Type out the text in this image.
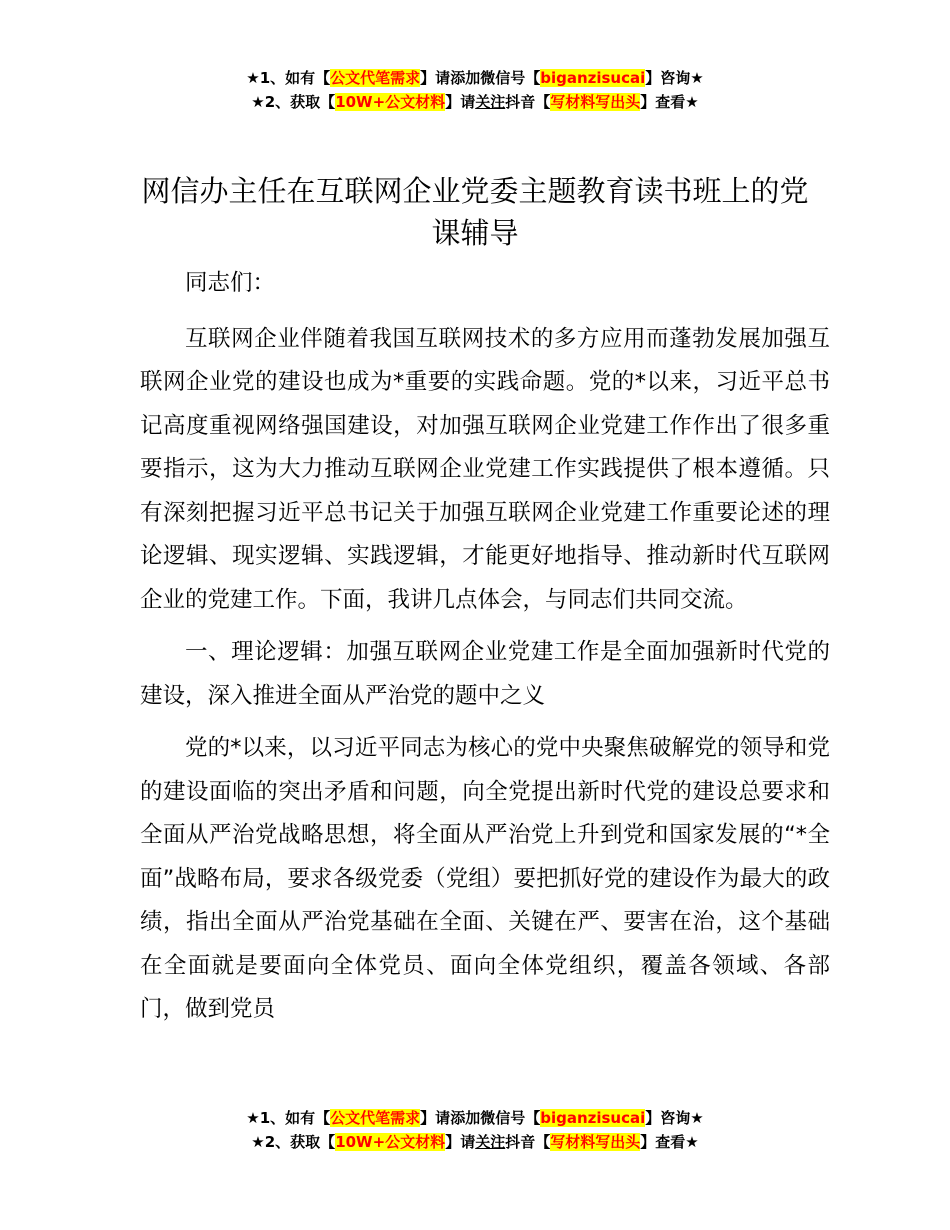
★1、如有【公文代笔需求】请添加微信号【biganzisucai】咨询★
★2、获取【10W+公文材料】请关注抖音【写材料写出头】查看★
网信办主任在互联网企业党委主题教育读书班上的党课辅导

同志们：

互联网企业伴随着我国互联网技术的多方应用而蓬勃发展加强互联网企业党的建设也成为*重要的实践命题。党的*以来，习近平总书记高度重视网络强国建设，对加强互联网企业党建工作作出了很多重要指示，这为大力推动互联网企业党建工作实践提供了根本遵循。只有深刻把握习近平总书记关于加强互联网企业党建工作重要论述的理论逻辑、现实逻辑、实践逻辑，才能更好地指导、推动新时代互联网企业的党建工作。下面，我讲几点体会，与同志们共同交流。

一、理论逻辑：加强互联网企业党建工作是全面加强新时代党的建设，深入推进全面从严治党的题中之义

党的*以来，以习近平同志为核心的党中央聚焦破解党的领导和党的建设面临的突出矛盾和问题，向全党提出新时代党的建设总要求和全面从严治党战略思想，将全面从严治党上升到党和国家发展的“*全面”战略布局，要求各级党委（党组）要把抓好党的建设作为最大的政绩，指出全面从严治党基础在全面、关键在严、要害在治，这个基础在全面就是要面向全体党员、面向全体党组织，覆盖各领域、各部门，做到党员

★1、如有【公文代笔需求】请添加微信号【biganzisucai】咨询★
★2、获取【10W+公文材料】请关注抖音【写材料写出头】查看★
